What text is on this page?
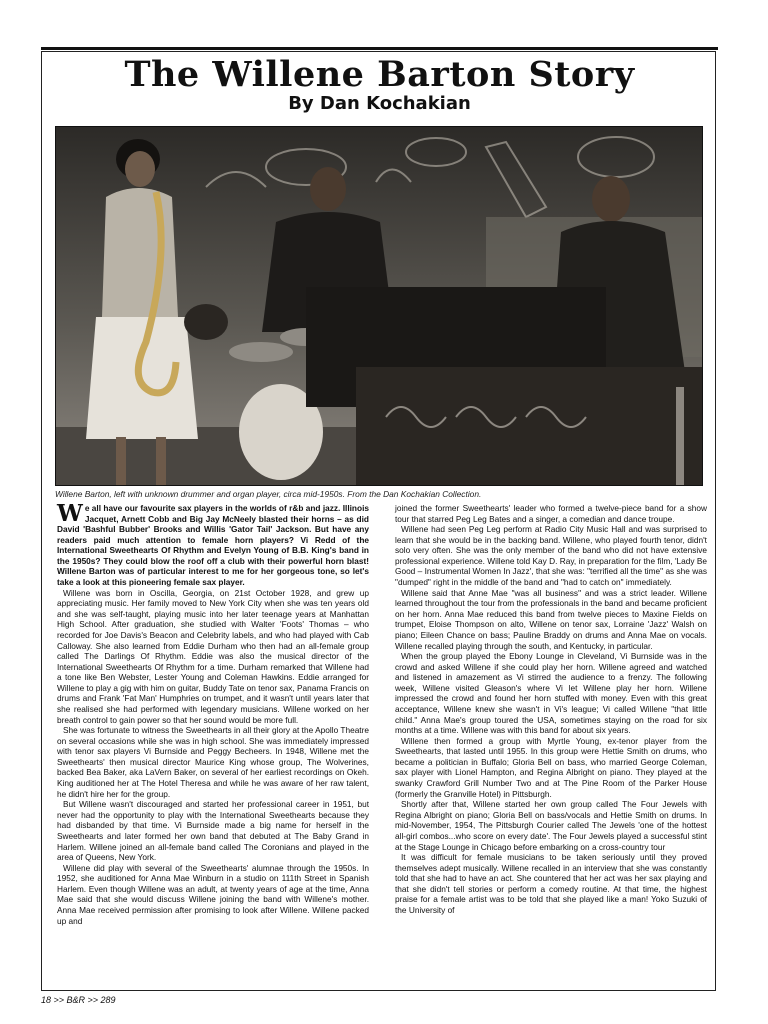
The Willene Barton Story
By Dan Kochakian

Willene Barton, left with unknown drummer and organ player, circa mid-1950s. From the Dan Kochakian Collection.

We all have our favourite sax players in the worlds of r&b and jazz. Illinois Jacquet, Arnett Cobb and Big Jay McNeely blasted their horns – as did David 'Bashful Bubber' Brooks and Willis 'Gator Tail' Jackson. But have any readers paid much attention to female horn players? Vi Redd of the International Sweethearts Of Rhythm and Evelyn Young of B.B. King's band in the 1950s? They could blow the roof off a club with their powerful horn blast! Willene Barton was of particular interest to me for her gorgeous tone, so let's take a look at this pioneering female sax player.

Willene was born in Oscilla, Georgia, on 21st October 1928, and grew up appreciating music. Her family moved to New York City when she was ten years old and she was self-taught, playing music into her later teenage years at Manhattan High School. After graduation, she studied with Walter 'Foots' Thomas – who recorded for Joe Davis's Beacon and Celebrity labels, and who had played with Cab Calloway. She also learned from Eddie Durham who then had an all-female group called The Darlings Of Rhythm. Eddie was also the musical director of the International Sweethearts Of Rhythm for a time. Durham remarked that Willene had a tone like Ben Webster, Lester Young and Coleman Hawkins. Eddie arranged for Willene to play a gig with him on guitar, Buddy Tate on tenor sax, Panama Francis on drums and Frank 'Fat Man' Humphries on trumpet, and it wasn't until years later that she realised she had performed with legendary musicians. Willene worked on her breath control to gain power so that her sound would be more full.

She was fortunate to witness the Sweethearts in all their glory at the Apollo Theatre on several occasions while she was in high school. She was immediately impressed with tenor sax players Vi Burnside and Peggy Becheers. In 1948, Willene met the Sweethearts' then musical director Maurice King whose group, The Wolverines, backed Bea Baker, aka LaVern Baker, on several of her earliest recordings on Okeh. King auditioned her at The Hotel Theresa and while he was aware of her raw talent, he didn't hire her for the group.

But Willene wasn't discouraged and started her professional career in 1951, but never had the opportunity to play with the International Sweethearts because they had disbanded by that time. Vi Burnside made a big name for herself in the Sweethearts and later formed her own band that debuted at The Baby Grand in Harlem. Willene joined an all-female band called The Coronians and played in the area of Queens, New York.

Willene did play with several of the Sweethearts' alumnae through the 1950s. In 1952, she auditioned for Anna Mae Winburn in a studio on 111th Street in Spanish Harlem. Even though Willene was an adult, at twenty years of age at the time, Anna Mae said that she would discuss Willene joining the band with Willene's mother. Anna Mae received permission after promising to look after Willene. Willene packed up and

joined the former Sweethearts' leader who formed a twelve-piece band for a show tour that starred Peg Leg Bates and a singer, a comedian and dance troupe.

Willene had seen Peg Leg perform at Radio City Music Hall and was surprised to learn that she would be in the backing band. Willene, who played fourth tenor, didn't solo very often. She was the only member of the band who did not have extensive professional experience. Willene told Kay D. Ray, in preparation for the film, 'Lady Be Good – Instrumental Women In Jazz', that she was: "terrified all the time" as she was "dumped" right in the middle of the band and "had to catch on" immediately.

Willene said that Anne Mae "was all business" and was a strict leader. Willene learned throughout the tour from the professionals in the band and became proficient on her horn. Anna Mae reduced this band from twelve pieces to Maxine Fields on trumpet, Eloise Thompson on alto, Willene on tenor sax, Lorraine 'Jazz' Walsh on piano; Eileen Chance on bass; Pauline Braddy on drums and Anna Mae on vocals. Willene recalled playing through the south, and Kentucky, in particular.

When the group played the Ebony Lounge in Cleveland, Vi Burnside was in the crowd and asked Willene if she could play her horn. Willene agreed and watched and listened in amazement as Vi stirred the audience to a frenzy. The following week, Willene visited Gleason's where Vi let Willene play her horn. Willene impressed the crowd and found her horn stuffed with money. Even with this great acceptance, Willene knew she wasn't in Vi's league; Vi called Willene "that little child." Anna Mae's group toured the USA, sometimes staying on the road for six months at a time. Willene was with this band for about six years.

Willene then formed a group with Myrtle Young, ex-tenor player from the Sweethearts, that lasted until 1955. In this group were Hettie Smith on drums, who became a politician in Buffalo; Gloria Bell on bass, who married George Coleman, sax player with Lionel Hampton, and Regina Albright on piano. They played at the swanky Crawford Grill Number Two and at The Pine Room of the Parker House (formerly the Granville Hotel) in Pittsburgh.

Shortly after that, Willene started her own group called The Four Jewels with Regina Albright on piano; Gloria Bell on bass/vocals and Hettie Smith on drums. In mid-November, 1954, The Pittsburgh Courier called The Jewels 'one of the hottest all-girl combos...who score on every date'. The Four Jewels played a successful stint at the Stage Lounge in Chicago before embarking on a cross-country tour

It was difficult for female musicians to be taken seriously until they proved themselves adept musically. Willene recalled in an interview that she was constantly told that she had to have an act. She countered that her act was her sax playing and that she didn't tell stories or perform a comedy routine. At that time, the highest praise for a female artist was to be told that she played like a man! Yoko Suzuki of the University of

18 >> B&R >> 289
